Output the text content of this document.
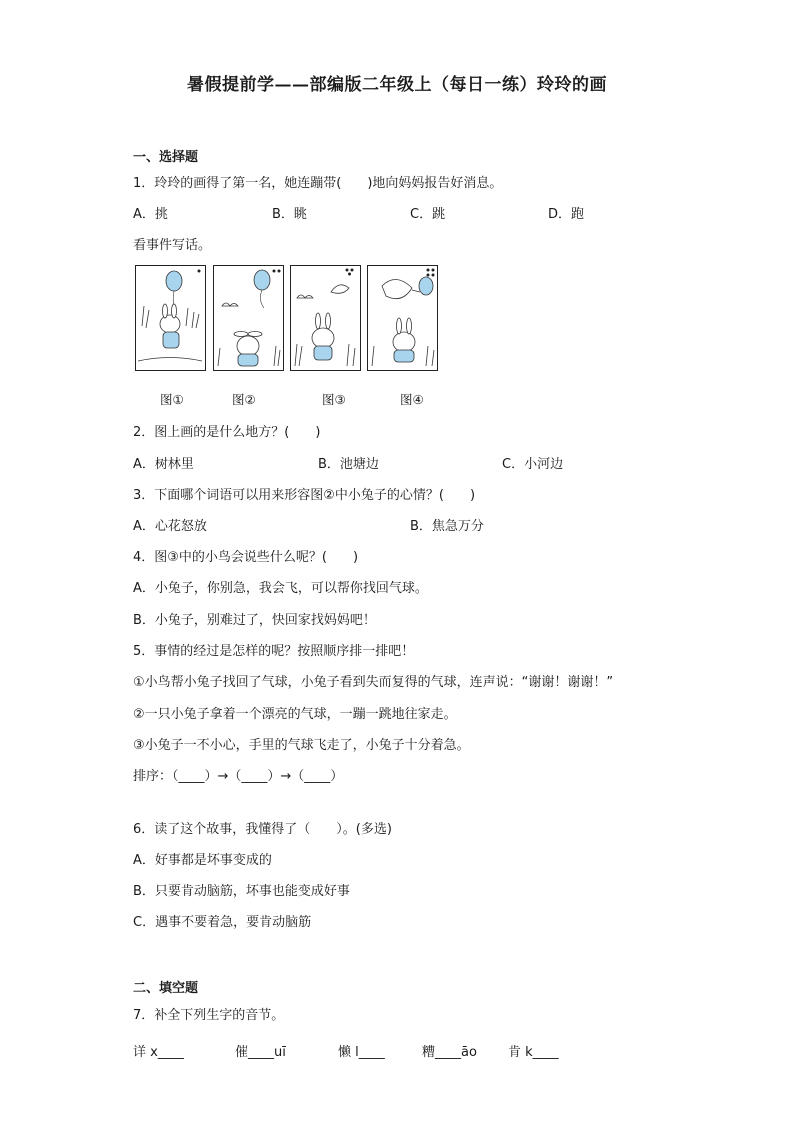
暑假提前学——部编版二年级上（每日一练）玲玲的画
一、选择题
1．玲玲的画得了第一名，她连蹦带(　　)地向妈妈报告好消息。
A．挑	B．眺	C．跳	D．跑
看事件写话。
图①	图②	图③	图④
2．图上画的是什么地方？(　　)
A．树林里	B．池塘边	C．小河边
3．下面哪个词语可以用来形容图②中小兔子的心情？(　　)
A．心花怒放	B．焦急万分
4．图③中的小鸟会说些什么呢？(　　)
A．小兔子，你别急，我会飞，可以帮你找回气球。
B．小兔子，别难过了，快回家找妈妈吧！
5．事情的经过是怎样的呢？按照顺序排一排吧！
①小鸟帮小兔子找回了气球，小兔子看到失而复得的气球，连声说：“谢谢！谢谢！”
②一只小兔子拿着一个漂亮的气球，一蹦一跳地往家走。
③小兔子一不小心，手里的气球飞走了，小兔子十分着急。
排序：（____）→（____）→（____）
6．读了这个故事，我懂得了（　　）。(多选)
A．好事都是坏事变成的
B．只要肯动脑筋，坏事也能变成好事
C．遇事不要着急，要肯动脑筋
二、填空题
7．补全下列生字的音节。
详 x____	催____uī	懒 l____	糟____āo 肯 k____
